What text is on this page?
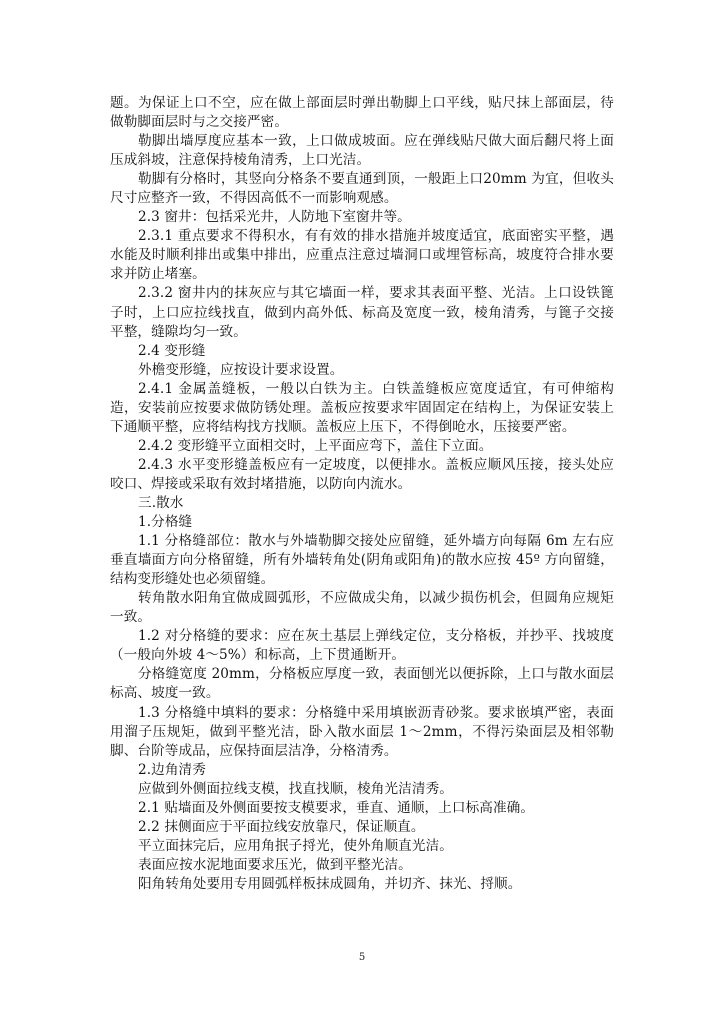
题。为保证上口不空，应在做上部面层时弹出勒脚上口平线，贴尺抹上部面层，待做勒脚面层时与之交接严密。

勒脚出墙厚度应基本一致，上口做成坡面。应在弹线贴尺做大面后翻尺将上面压成斜坡，注意保持棱角清秀，上口光洁。

勒脚有分格时，其竖向分格条不要直通到顶，一般距上口20mm 为宜，但收头尺寸应整齐一致，不得因高低不一而影响观感。

2.3 窗井：包括采光井，人防地下室窗井等。

2.3.1 重点要求不得积水，有有效的排水措施并坡度适宜，底面密实平整，遇水能及时顺利排出或集中排出，应重点注意过墙洞口或埋管标高，坡度符合排水要求并防止堵塞。

2.3.2 窗井内的抹灰应与其它墙面一样，要求其表面平整、光洁。上口设铁篦子时，上口应拉线找直，做到内高外低、标高及宽度一致，棱角清秀，与篦子交接平整，缝隙均匀一致。

2.4 变形缝

外檐变形缝，应按设计要求设置。

2.4.1 金属盖缝板，一般以白铁为主。白铁盖缝板应宽度适宜，有可伸缩构造，安装前应按要求做防锈处理。盖板应按要求牢固固定在结构上，为保证安装上下通顺平整，应将结构找方找顺。盖板应上压下，不得倒呛水，压接要严密。

2.4.2 变形缝平立面相交时，上平面应弯下，盖住下立面。

2.4.3 水平变形缝盖板应有一定坡度，以便排水。盖板应顺风压接，接头处应咬口、焊接或采取有效封堵措施，以防向内流水。

三.散水

1.分格缝

1.1 分格缝部位：散水与外墙勒脚交接处应留缝，延外墙方向每隔 6m 左右应垂直墙面方向分格留缝，所有外墙转角处(阴角或阳角)的散水应按 45º 方向留缝，结构变形缝处也必须留缝。

转角散水阳角宜做成圆弧形，不应做成尖角，以减少损伤机会，但圆角应规矩一致。

1.2 对分格缝的要求：应在灰土基层上弹线定位，支分格板，并抄平、找坡度（一般向外坡 4～5%）和标高，上下贯通断开。

分格缝宽度 20mm，分格板应厚度一致，表面刨光以便拆除，上口与散水面层标高、坡度一致。

1.3 分格缝中填料的要求：分格缝中采用填嵌沥青砂浆。要求嵌填严密，表面用溜子压规矩，做到平整光洁，卧入散水面层 1～2mm，不得污染面层及相邻勒脚、台阶等成品，应保持面层洁净，分格清秀。

2.边角清秀

应做到外侧面拉线支模，找直找顺，棱角光洁清秀。

2.1 贴墙面及外侧面要按支模要求，垂直、通顺，上口标高准确。

2.2 抹侧面应于平面拉线安放靠尺，保证顺直。

平立面抹完后，应用角抿子捋光，使外角顺直光洁。

表面应按水泥地面要求压光，做到平整光洁。

阳角转角处要用专用圆弧样板抹成圆角，并切齐、抹光、捋顺。

5
